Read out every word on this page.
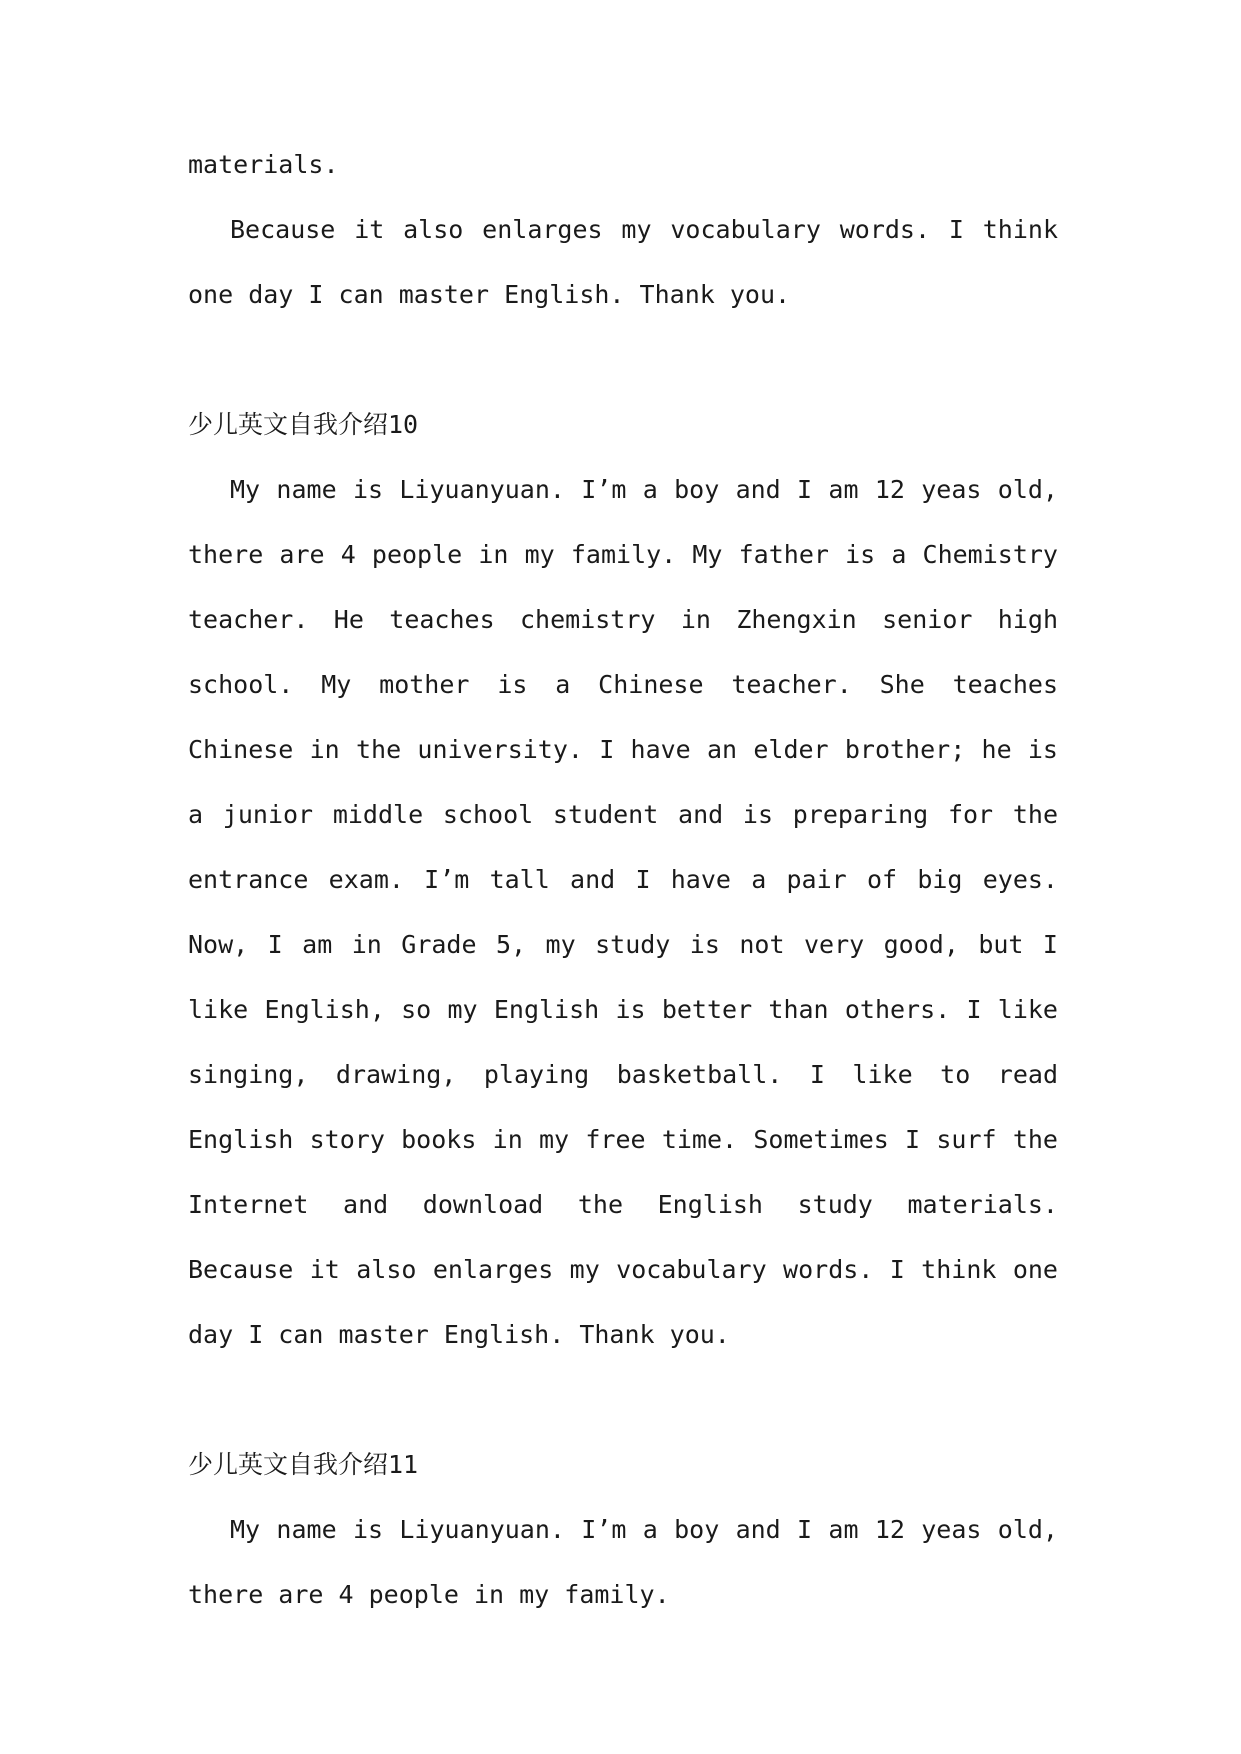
materials.

Because it also enlarges my vocabulary words. I think one day I can master English. Thank you.

少儿英文自我介绍10

My name is Liyuanyuan. I’m a boy and I am 12 yeas old, there are 4 people in my family. My father is a Chemistry teacher. He teaches chemistry in Zhengxin senior high school. My mother is a Chinese teacher. She teaches Chinese in the university. I have an elder brother; he is a junior middle school student and is preparing for the entrance exam. I’m tall and I have a pair of big eyes. Now, I am in Grade 5, my study is not very good, but I like English, so my English is better than others. I like singing, drawing, playing basketball. I like to read English story books in my free time. Sometimes I surf the Internet and download the English study materials. Because it also enlarges my vocabulary words. I think one day I can master English. Thank you.

少儿英文自我介绍11

My name is Liyuanyuan. I’m a boy and I am 12 yeas old, there are 4 people in my family.
